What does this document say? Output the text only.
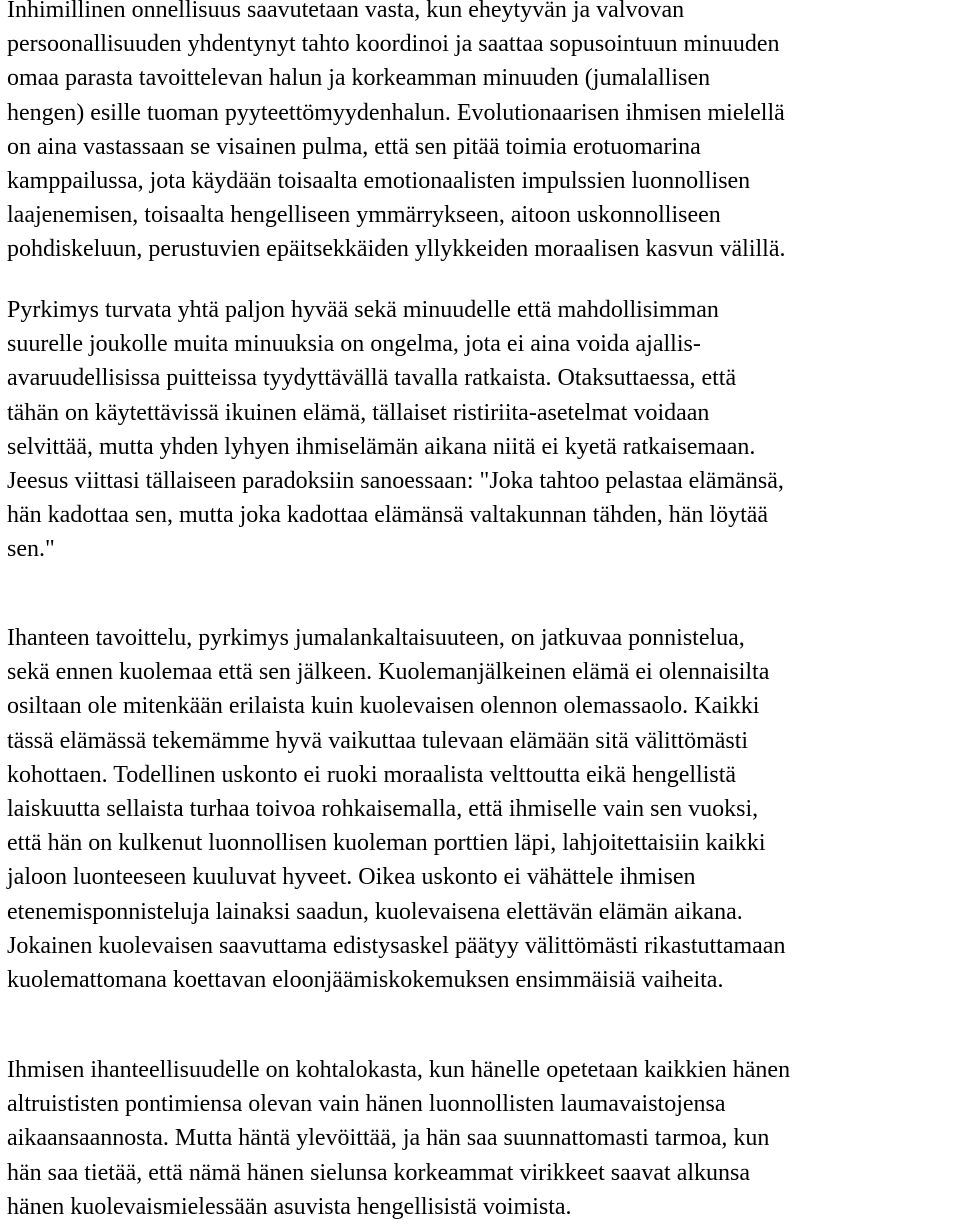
Inhimillinen onnellisuus saavutetaan vasta, kun eheytyvän ja valvovan
persoonallisuuden yhdentynyt tahto koordinoi ja saattaa sopusointuun minuuden
omaa parasta tavoittelevan halun ja korkeamman minuuden (jumalallisen
hengen) esille tuoman pyyteettömyydenhalun. Evolutionaarisen ihmisen mielellä
on aina vastassaan se visainen pulma, että sen pitää toimia erotuomarina
kamppailussa, jota käydään toisaalta emotionaalisten impulssien luonnollisen
laajenemisen, toisaalta hengelliseen ymmärrykseen, aitoon uskonnolliseen
pohdiskeluun, perustuvien epäitsekkäiden yllykkeiden moraalisen kasvun välillä.
Pyrkimys turvata yhtä paljon hyvää sekä minuudelle että mahdollisimman
suurelle joukolle muita minuuksia on ongelma, jota ei aina voida ajallis-
avaruudellisissa puitteissa tyydyttävällä tavalla ratkaista. Otaksuttaessa, että
tähän on käytettävissä ikuinen elämä, tällaiset ristiriita-asetelmat voidaan
selvittää, mutta yhden lyhyen ihmiselämän aikana niitä ei kyetä ratkaisemaan.
Jeesus viittasi tällaiseen paradoksiin sanoessaan: "Joka tahtoo pelastaa elämänsä,
hän kadottaa sen, mutta joka kadottaa elämänsä valtakunnan tähden, hän löytää
sen."
Ihanteen tavoittelu, pyrkimys jumalankaltaisuuteen, on jatkuvaa ponnistelua,
sekä ennen kuolemaa että sen jälkeen. Kuolemanjälkeinen elämä ei olennaisilta
osiltaan ole mitenkään erilaista kuin kuolevaisen olennon olemassaolo. Kaikki
tässä elämässä tekemämme hyvä vaikuttaa tulevaan elämään sitä välittömästi
kohottaen. Todellinen uskonto ei ruoki moraalista velttoutta eikä hengellistä
laiskuutta sellaista turhaa toivoa rohkaisemalla, että ihmiselle vain sen vuoksi,
että hän on kulkenut luonnollisen kuoleman porttien läpi, lahjoitettaisiin kaikki
jaloon luonteeseen kuuluvat hyveet. Oikea uskonto ei vähättele ihmisen
etenemisponnisteluja lainaksi saadun, kuolevaisena elettävän elämän aikana.
Jokainen kuolevaisen saavuttama edistysaskel päätyy välittömästi rikastuttamaan
kuolemattomana koettavan eloonjäämiskokemuksen ensimmäisiä vaiheita.
Ihmisen ihanteellisuudelle on kohtalokasta, kun hänelle opetetaan kaikkien hänen
altruististen pontimiensa olevan vain hänen luonnollisten laumavaistojensa
aikaansaannosta. Mutta häntä ylevöittää, ja hän saa suunnattomasti tarmoa, kun
hän saa tietää, että nämä hänen sielunsa korkeammat virikkeet saavat alkunsa
hänen kuolevaismielessään asuvista hengellisistä voimista.
